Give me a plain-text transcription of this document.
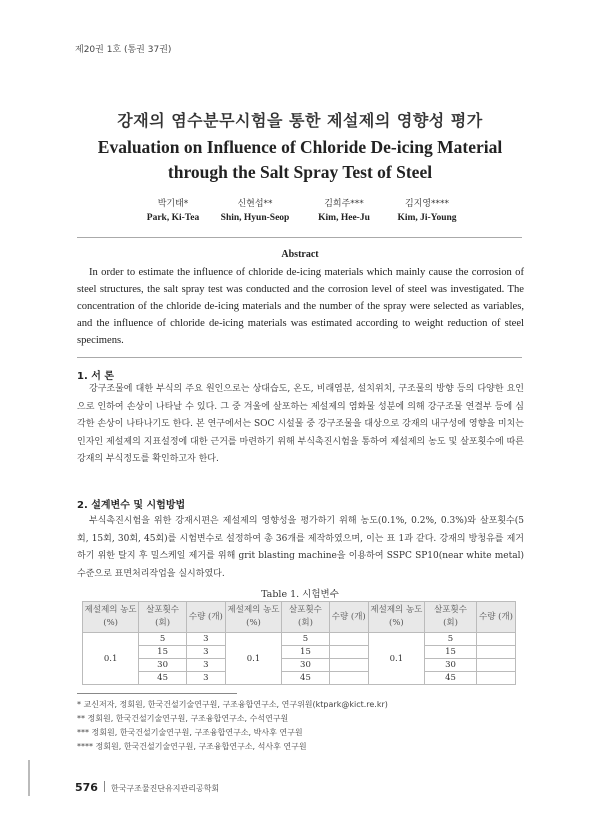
제20권 1호 (통권 37권)
강재의 염수분무시험을 통한 제설제의 영향성 평가
Evaluation on Influence of Chloride De-icing Material
through the Salt Spray Test of Steel
박기태*
Park, Ki-Tea
신현섭**
Shin, Hyun-Seop
김희주***
Kim, Hee-Ju
김지영****
Kim, Ji-Young
Abstract
In order to estimate the influence of chloride de-icing materials which mainly cause the corrosion of steel structures, the salt spray test was conducted and the corrosion level of steel was investigated. The concentration of the chloride de-icing materials and the number of the spray were selected as variables, and the influence of chloride de-icing materials was estimated according to weight reduction of steel specimens.
1. 서 론
강구조물에 대한 부식의 주요 원인으로는 상대습도, 온도, 비래염분, 설치위치, 구조물의 방향 등의 다양한 요인으로 인하여 손상이 나타날 수 있다. 그 중 겨울에 살포하는 제설제의 염화물 성분에 의해 강구조물 연결부 등에 심각한 손상이 나타나기도 한다. 본 연구에서는 SOC 시설물 중 강구조물을 대상으로 강재의 내구성에 영향을 미치는 인자인 제설제의 지표설정에 대한 근거를 마련하기 위해 부식촉진시험을 통하여 제설제의 농도 및 살포횟수에 따른 강재의 부식정도를 확인하고자 한다.
2. 설계변수 및 시험방법
부식촉진시험을 위한 강재시편은 제설제의 영향성을 평가하기 위해 농도(0.1%, 0.2%, 0.3%)와 살포횟수(5회, 15회, 30회, 45회)를 시험변수로 설정하여 총 36개를 제작하였으며, 이는 표 1과 같다. 강재의 방청유를 제거하기 위한 탈지 후 밀스케일 제거를 위해 grit blasting machine을 이용하여 SSPC SP10(near white metal) 수준으로 표면처리작업을 실시하였다.
Table 1. 시험변수
제설제의 농도(%)	살포횟수 (회)	수량 (개)	제설제의 농도(%)	살포횟수 (회)	수량 (개)	제설제의 농도(%)	살포횟수 (회)	수량 (개)
0.1	5	3	0.1	5		0.1	5	
	15	3		15			15	
	30	3		30			30	
	45	3		45			45	
* 교신저자, 정회원, 한국건설기술연구원, 구조융합연구소, 연구위원(ktpark@kict.re.kr)
** 정회원, 한국건설기술연구원, 구조융합연구소, 수석연구원
*** 정회원, 한국건설기술연구원, 구조융합연구소, 박사후 연구원
**** 정회원, 한국건설기술연구원, 구조융합연구소, 석사후 연구원
576 한국구조물진단유지관리공학회
